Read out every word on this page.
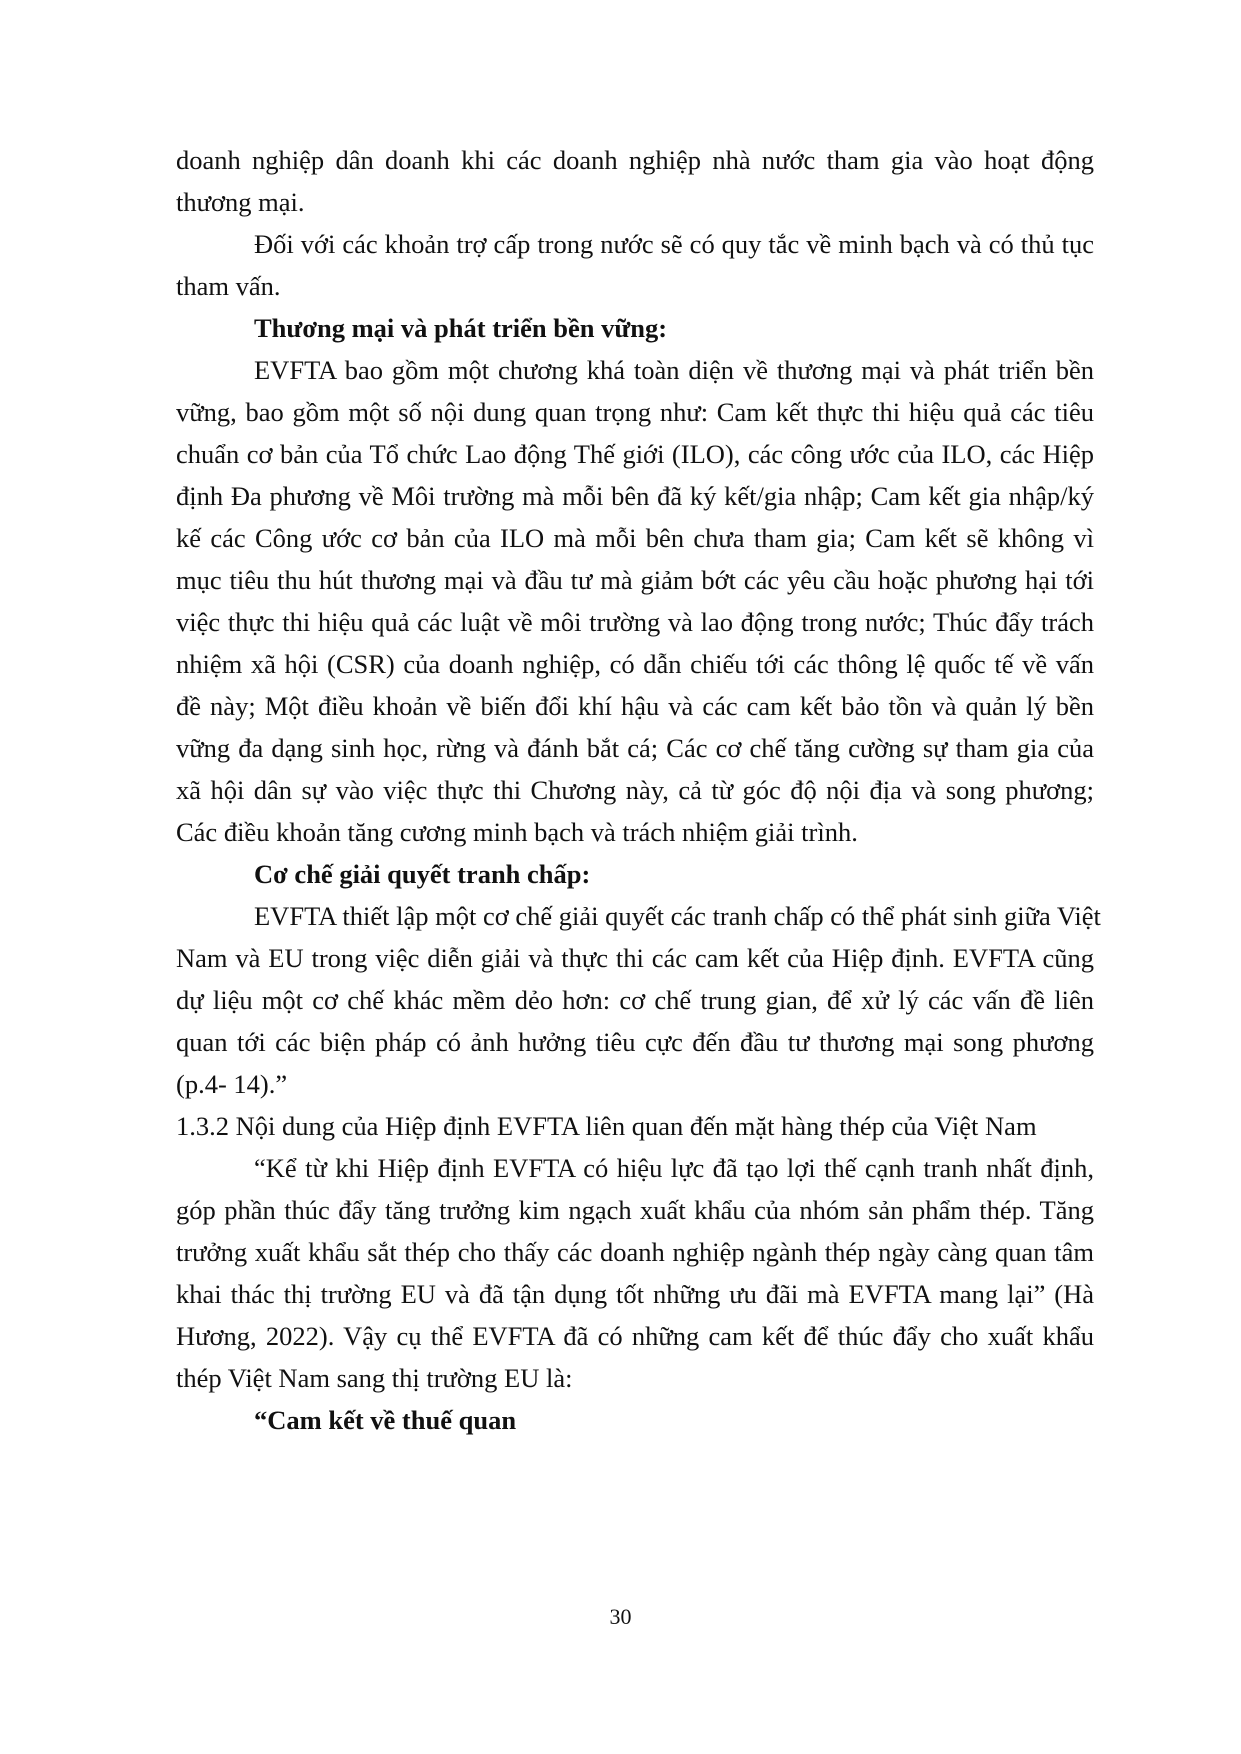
doanh nghiệp dân doanh khi các doanh nghiệp nhà nước tham gia vào hoạt động
thương mại.
Đối với các khoản trợ cấp trong nước sẽ có quy tắc về minh bạch và có thủ tục
tham vấn.
Thương mại và phát triển bền vững:
EVFTA bao gồm một chương khá toàn diện về thương mại và phát triển bền
vững, bao gồm một số nội dung quan trọng như: Cam kết thực thi hiệu quả các tiêu
chuẩn cơ bản của Tổ chức Lao động Thế giới (ILO), các công ước của ILO, các Hiệp
định Đa phương về Môi trường mà mỗi bên đã ký kết/gia nhập; Cam kết gia nhập/ký
kế các Công ước cơ bản của ILO mà mỗi bên chưa tham gia; Cam kết sẽ không vì
mục tiêu thu hút thương mại và đầu tư mà giảm bớt các yêu cầu hoặc phương hại tới
việc thực thi hiệu quả các luật về môi trường và lao động trong nước; Thúc đẩy trách
nhiệm xã hội (CSR) của doanh nghiệp, có dẫn chiếu tới các thông lệ quốc tế về vấn
đề này; Một điều khoản về biến đổi khí hậu và các cam kết bảo tồn và quản lý bền
vững đa dạng sinh học, rừng và đánh bắt cá; Các cơ chế tăng cường sự tham gia của
xã hội dân sự vào việc thực thi Chương này, cả từ góc độ nội địa và song phương;
Các điều khoản tăng cương minh bạch và trách nhiệm giải trình.
Cơ chế giải quyết tranh chấp:
EVFTA thiết lập một cơ chế giải quyết các tranh chấp có thể phát sinh giữa Việt
Nam và EU trong việc diễn giải và thực thi các cam kết của Hiệp định. EVFTA cũng
dự liệu một cơ chế khác mềm dẻo hơn: cơ chế trung gian, để xử lý các vấn đề liên
quan tới các biện pháp có ảnh hưởng tiêu cực đến đầu tư thương mại song phương
(p.4- 14).”
1.3.2 Nội dung của Hiệp định EVFTA liên quan đến mặt hàng thép của Việt Nam
“Kể từ khi Hiệp định EVFTA có hiệu lực đã tạo lợi thế cạnh tranh nhất định,
góp phần thúc đẩy tăng trưởng kim ngạch xuất khẩu của nhóm sản phẩm thép. Tăng
trưởng xuất khẩu sắt thép cho thấy các doanh nghiệp ngành thép ngày càng quan tâm
khai thác thị trường EU và đã tận dụng tốt những ưu đãi mà EVFTA mang lại” (Hà
Hương, 2022). Vậy cụ thể EVFTA đã có những cam kết để thúc đẩy cho xuất khẩu
thép Việt Nam sang thị trường EU là:
“Cam kết về thuế quan
30
